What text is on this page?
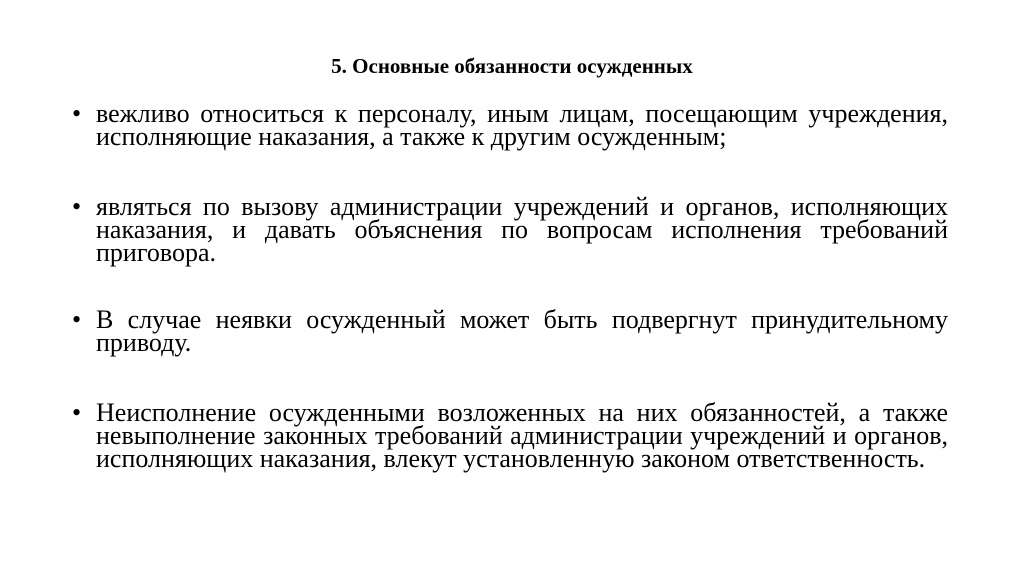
5. Основные обязанности осужденных
• вежливо относиться к персоналу, иным лицам, посещающим учреждения, исполняющие наказания, а также к другим осужденным;
• являться по вызову администрации учреждений и органов, исполняющих наказания, и давать объяснения по вопросам исполнения требований приговора.
• В случае неявки осужденный может быть подвергнут принудительному приводу.
• Неисполнение осужденными возложенных на них обязанностей, а также невыполнение законных требований администрации учреждений и органов, исполняющих наказания, влекут установленную законом ответственность.
